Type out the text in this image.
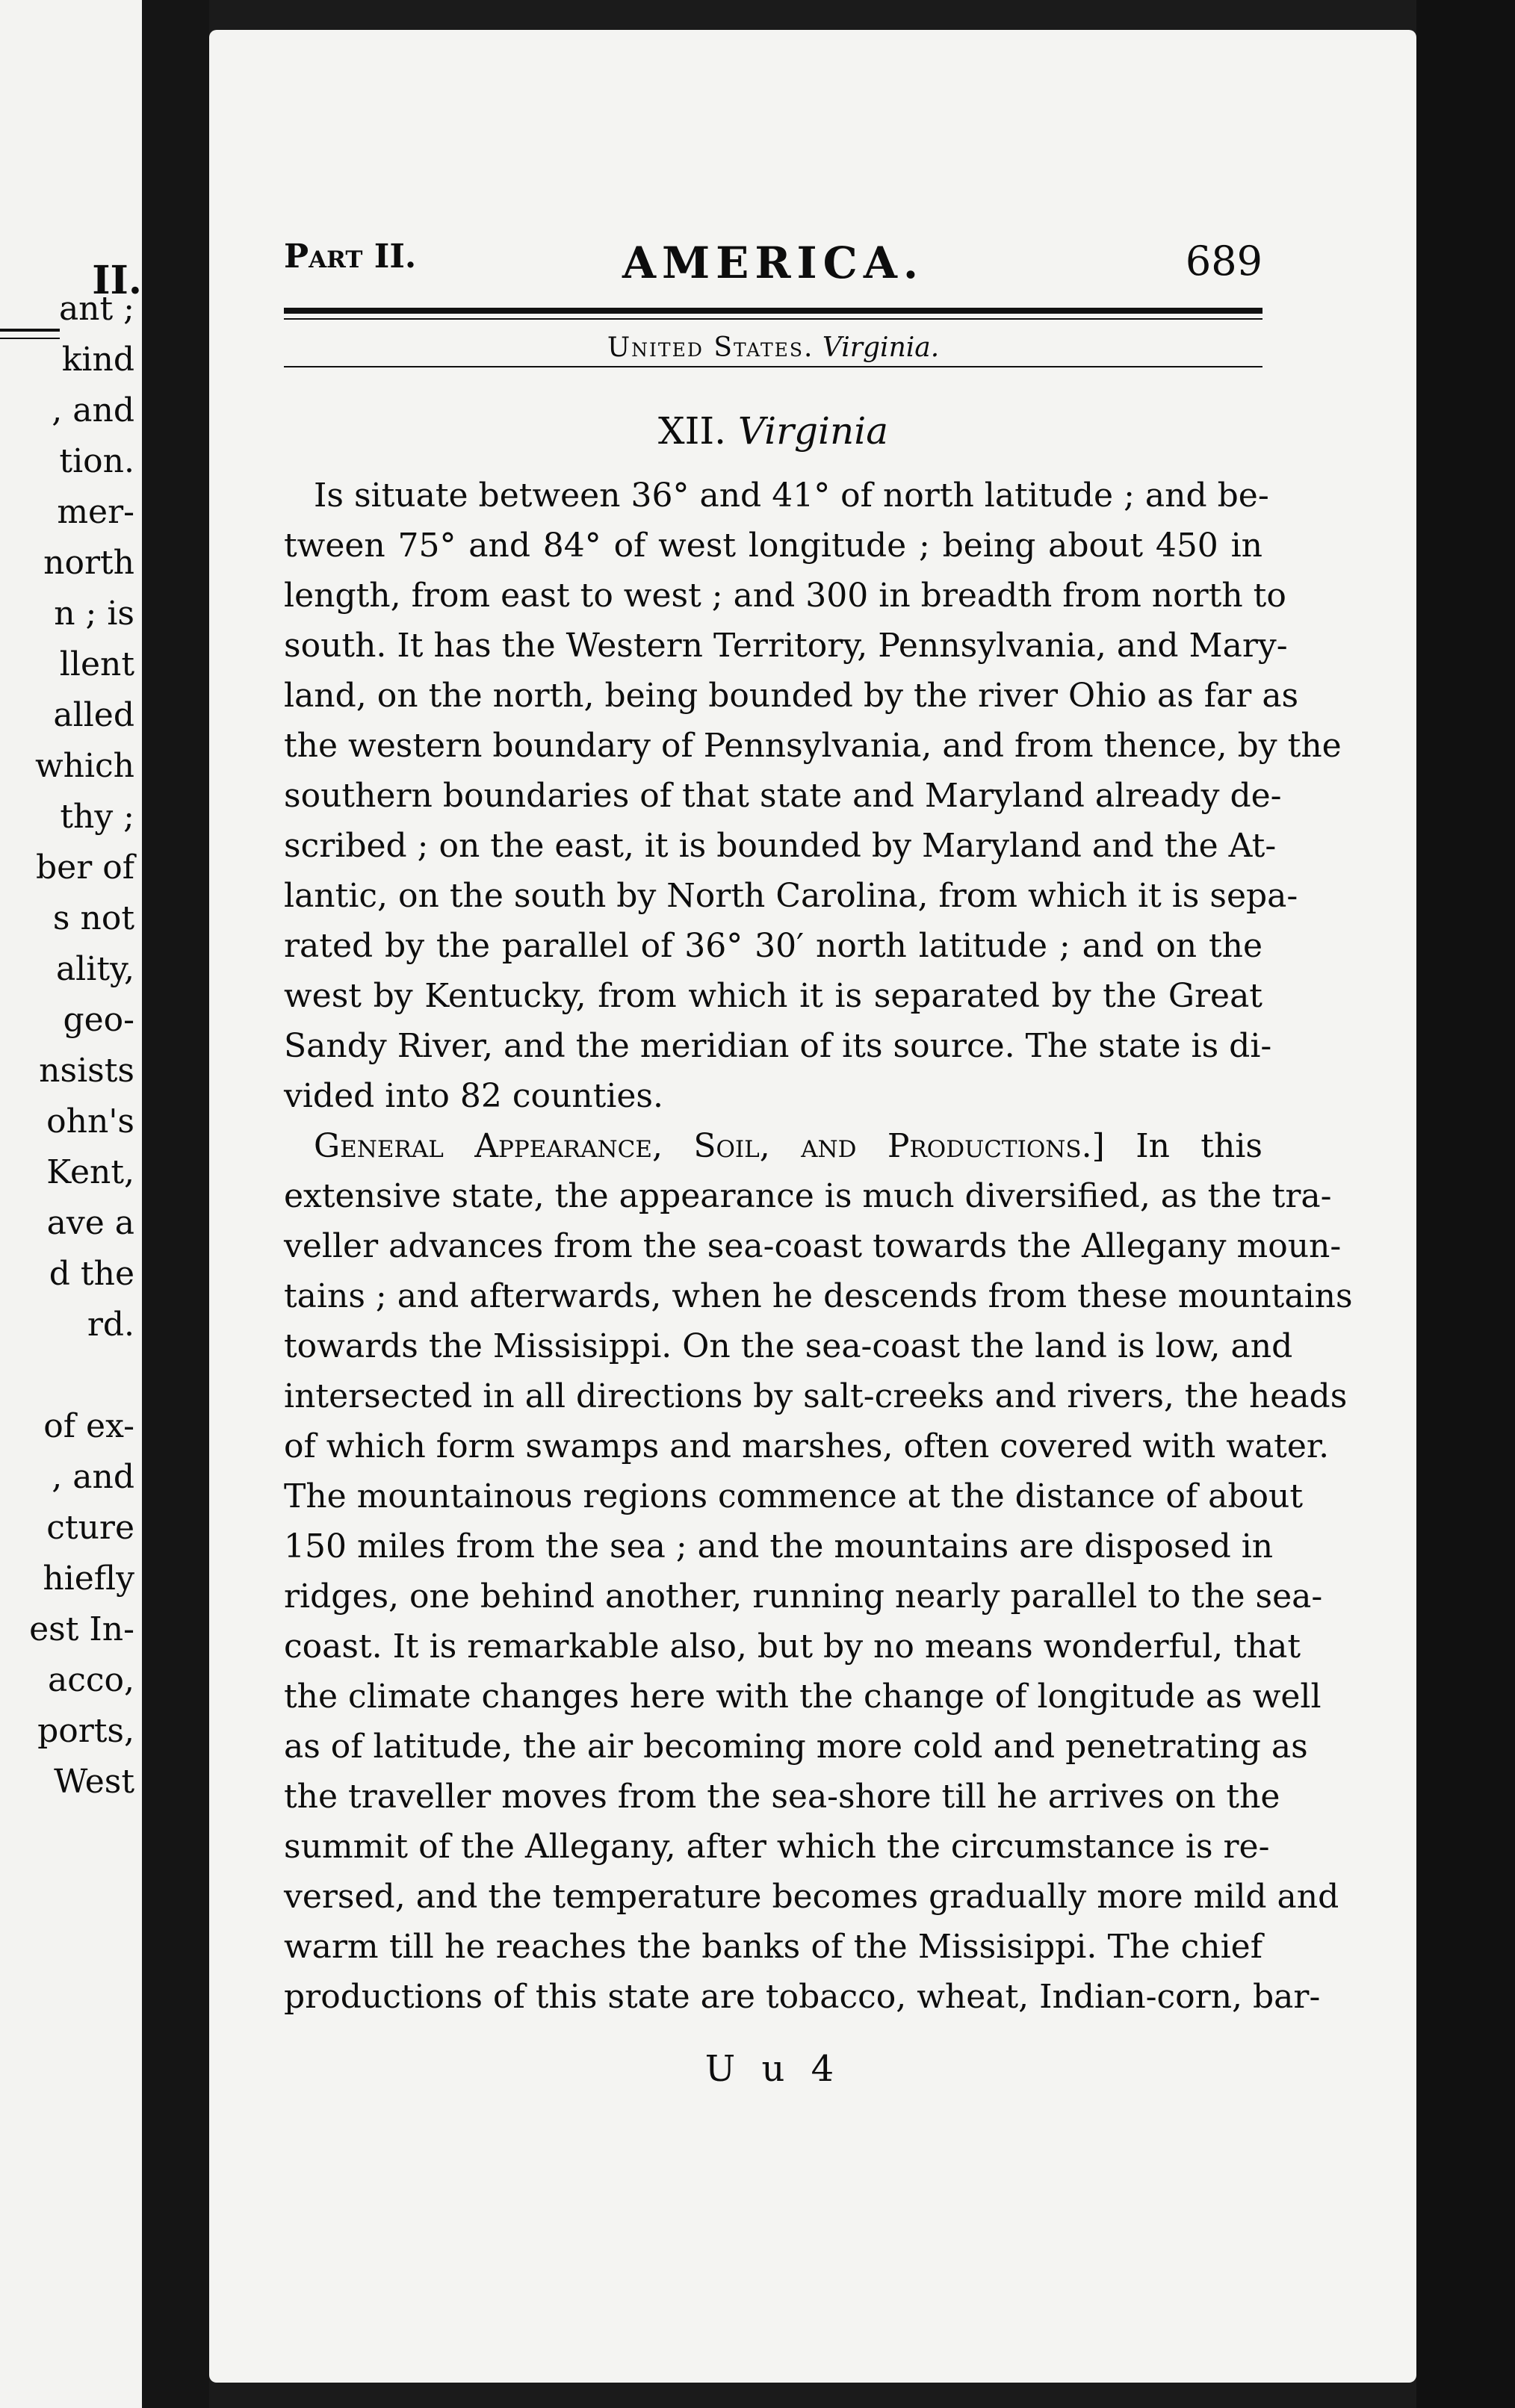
II.
ant ;
kind
, and
tion.
mer-
north
n ; is
llent
alled
which
thy ;
ber of
s not
ality,
geo-
nsists
ohn's
Kent,
ave a
d the
rd.
of ex-
, and
cture
hiefly
est In-
acco,
ports,
West
Part II.	AMERICA.	689
United States. Virginia.
XII. Virginia
Is situate between 36° and 41° of north latitude ; and be-
tween 75° and 84° of west longitude ; being about 450 in
length, from east to west ; and 300 in breadth from north to
south. It has the Western Territory, Pennsylvania, and Mary-
land, on the north, being bounded by the river Ohio as far as
the western boundary of Pennsylvania, and from thence, by the
southern boundaries of that state and Maryland already de-
scribed ; on the east, it is bounded by Maryland and the At-
lantic, on the south by North Carolina, from which it is sepa-
rated by the parallel of 36° 30′ north latitude ; and on the
west by Kentucky, from which it is separated by the Great
Sandy River, and the meridian of its source. The state is di-
vided into 82 counties.
General Appearance, Soil, and Productions.] In this
extensive state, the appearance is much diversified, as the tra-
veller advances from the sea-coast towards the Allegany moun-
tains ; and afterwards, when he descends from these mountains
towards the Missisippi. On the sea-coast the land is low, and
intersected in all directions by salt-creeks and rivers, the heads
of which form swamps and marshes, often covered with water.
The mountainous regions commence at the distance of about
150 miles from the sea ; and the mountains are disposed in
ridges, one behind another, running nearly parallel to the sea-
coast. It is remarkable also, but by no means wonderful, that
the climate changes here with the change of longitude as well
as of latitude, the air becoming more cold and penetrating as
the traveller moves from the sea-shore till he arrives on the
summit of the Allegany, after which the circumstance is re-
versed, and the temperature becomes gradually more mild and
warm till he reaches the banks of the Missisippi. The chief
productions of this state are tobacco, wheat, Indian-corn, bar-
U u 4
